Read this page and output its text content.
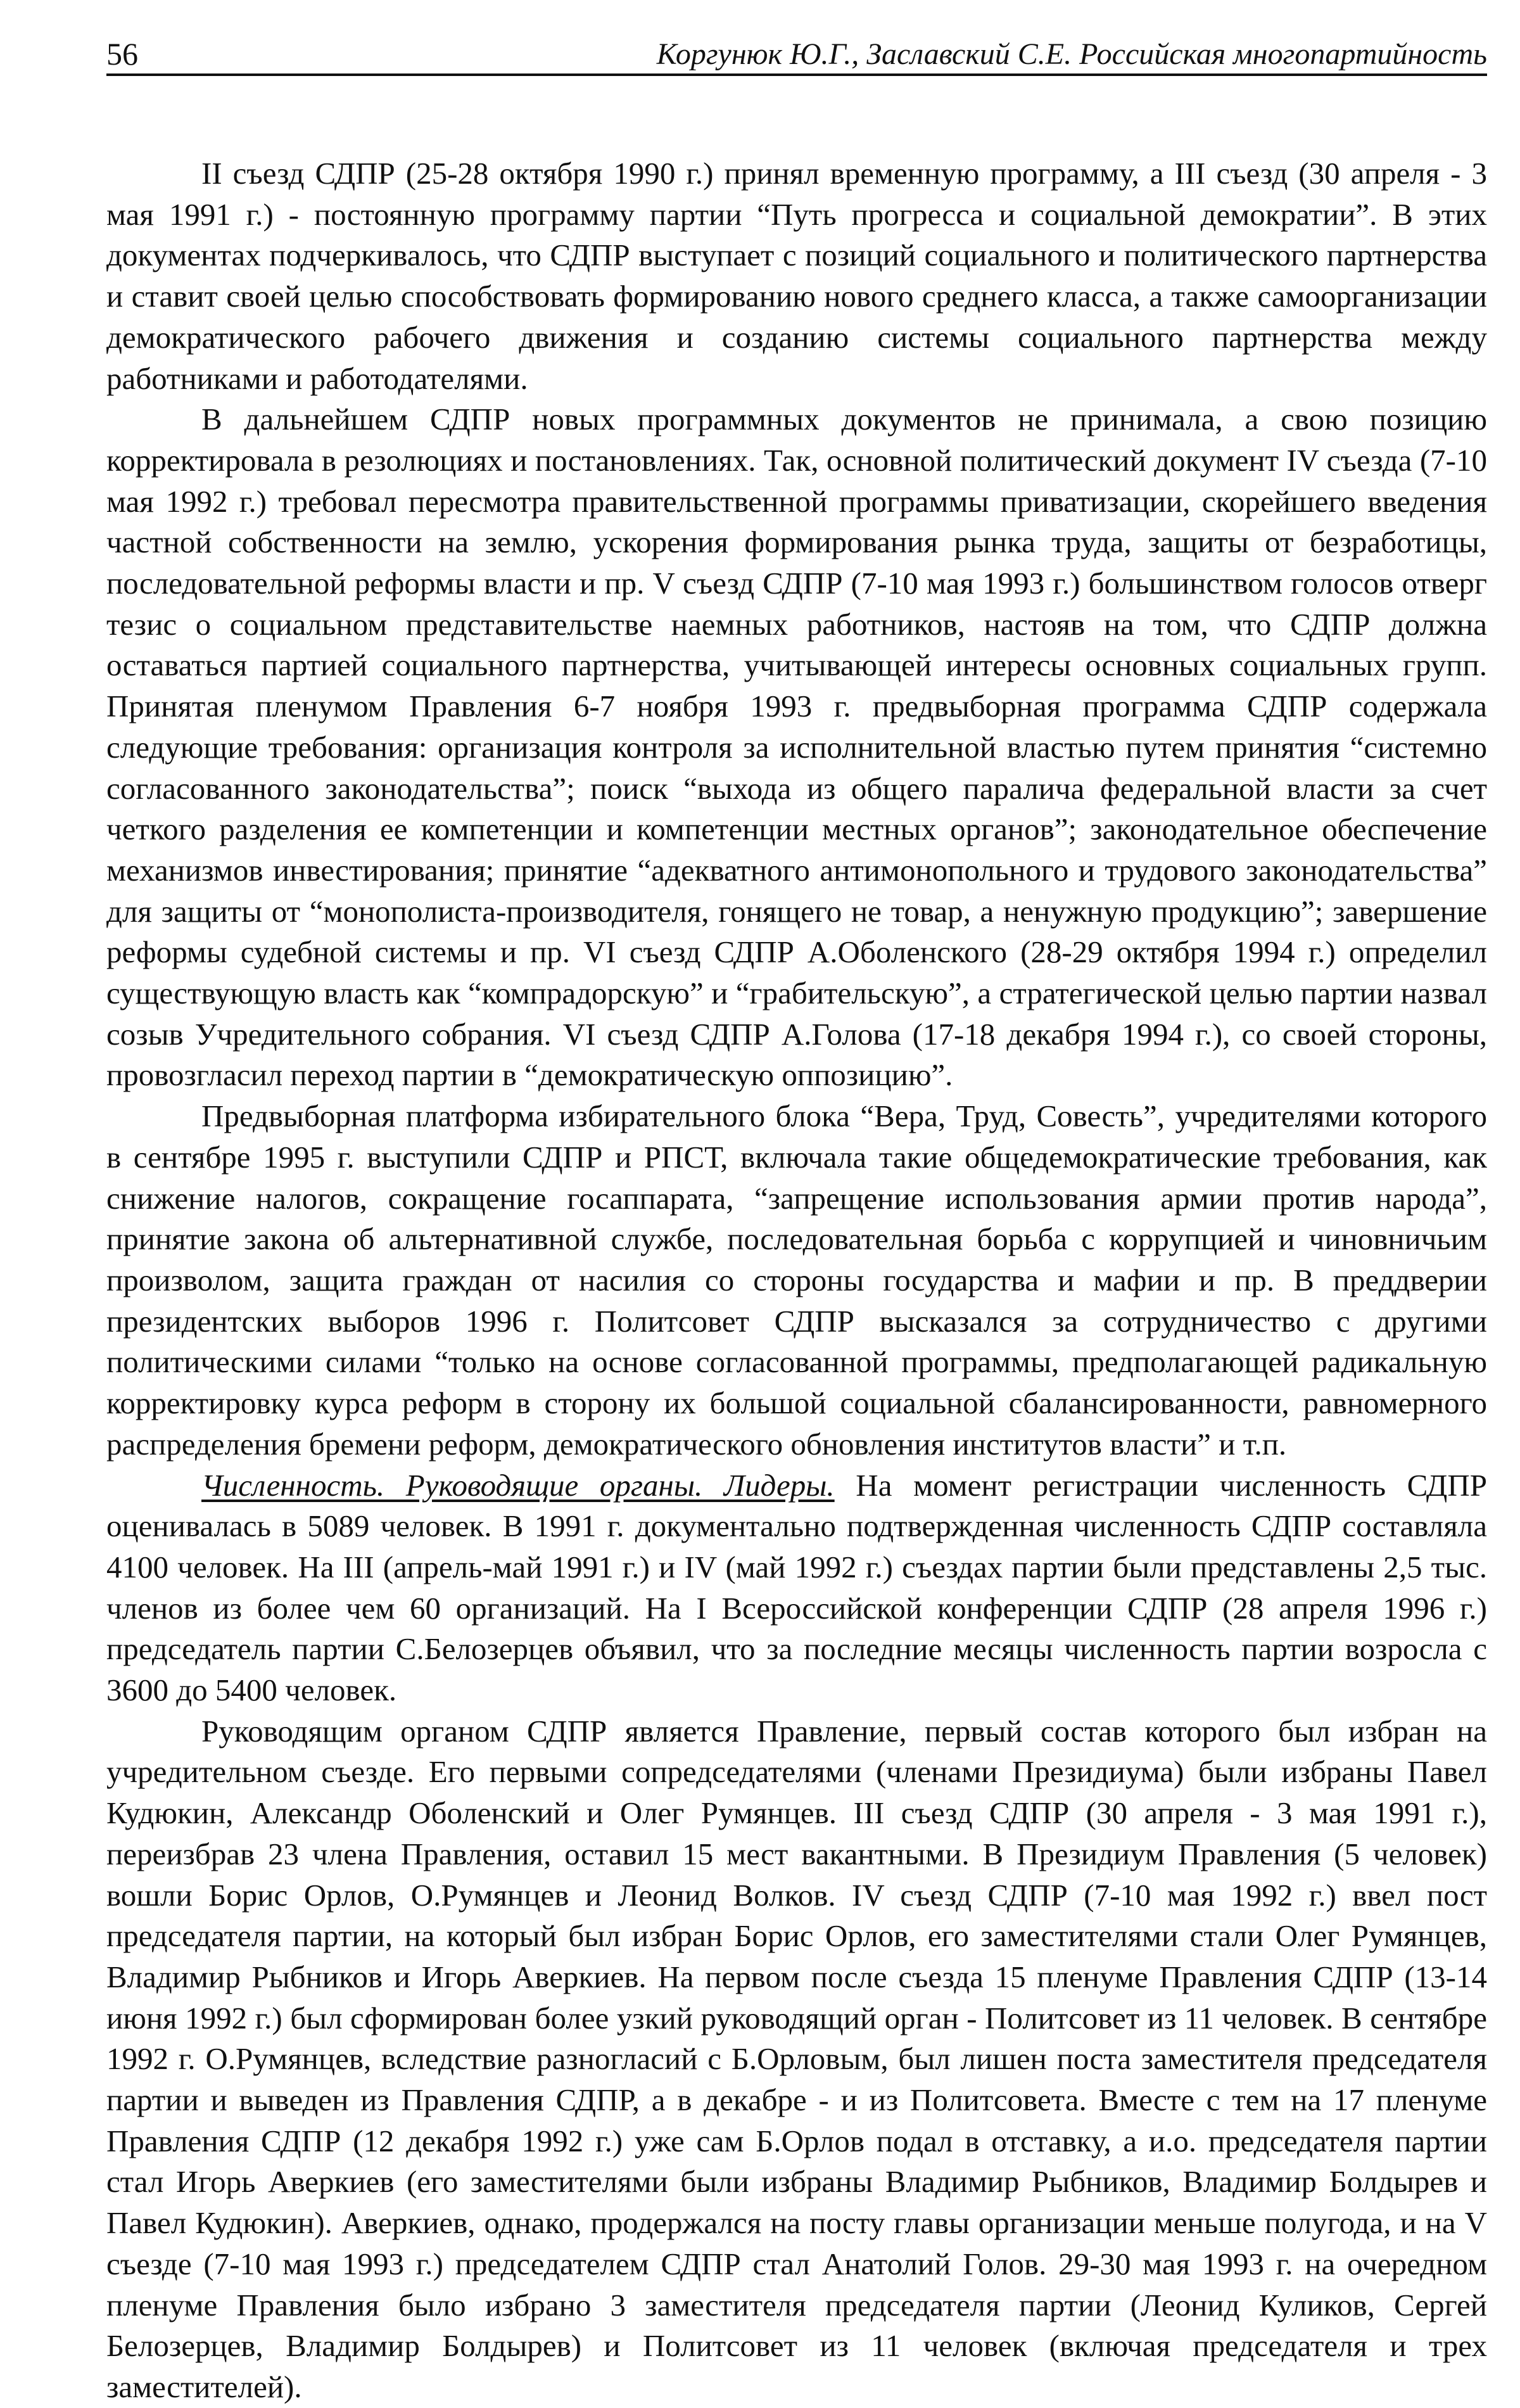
56	Коргунюк Ю.Г., Заславский С.Е. Российская многопартийность

II съезд СДПР (25-28 октября 1990 г.) принял временную программу, а III съезд (30 апреля - 3 мая 1991 г.) - постоянную программу партии “Путь прогресса и социальной демократии”. В этих документах подчеркивалось, что СДПР выступает с позиций социального и политического партнерства и ставит своей целью способствовать формированию нового среднего класса, а также самоорганизации демократического рабочего движения и созданию системы социального партнерства между работниками и работодателями.

В дальнейшем СДПР новых программных документов не принимала, а свою позицию корректировала в резолюциях и постановлениях. Так, основной политический документ IV съезда (7-10 мая 1992 г.) требовал пересмотра правительственной программы приватизации, скорейшего введения частной собственности на землю, ускорения формирования рынка труда, защиты от безработицы, последовательной реформы власти и пр. V съезд СДПР (7-10 мая 1993 г.) большинством голосов отверг тезис о социальном представительстве наемных работников, настояв на том, что СДПР должна оставаться партией социального партнерства, учитывающей интересы основных социальных групп. Принятая пленумом Правления 6-7 ноября 1993 г. предвыборная программа СДПР содержала следующие требования: организация контроля за исполнительной властью путем принятия “системно согласованного законодательства”; поиск “выхода из общего паралича федеральной власти за счет четкого разделения ее компетенции и компетенции местных органов”; законодательное обеспечение механизмов инвестирования; принятие “адекватного антимонопольного и трудового законодательства” для защиты от “монополиста-производителя, гонящего не товар, а ненужную продукцию”; завершение реформы судебной системы и пр. VI съезд СДПР А.Оболенского (28-29 октября 1994 г.) определил существующую власть как “компрадорскую” и “грабительскую”, а стратегической целью партии назвал созыв Учредительного собрания. VI съезд СДПР А.Голова (17-18 декабря 1994 г.), со своей стороны, провозгласил переход партии в “демократическую оппозицию”.

Предвыборная платформа избирательного блока “Вера, Труд, Совесть”, учредителями которого в сентябре 1995 г. выступили СДПР и РПСТ, включала такие общедемократические требования, как снижение налогов, сокращение госаппарата, “запрещение использования армии против народа”, принятие закона об альтернативной службе, последовательная борьба с коррупцией и чиновничьим произволом, защита граждан от насилия со стороны государства и мафии и пр. В преддверии президентских выборов 1996 г. Политсовет СДПР высказался за сотрудничество с другими политическими силами “только на основе согласованной программы, предполагающей радикальную корректировку курса реформ в сторону их большой социальной сбалансированности, равномерного распределения бремени реформ, демократического обновления институтов власти” и т.п.

Численность. Руководящие органы. Лидеры. На момент регистрации численность СДПР оценивалась в 5089 человек. В 1991 г. документально подтвержденная численность СДПР составляла 4100 человек. На III (апрель-май 1991 г.) и IV (май 1992 г.) съездах партии были представлены 2,5 тыс. членов из более чем 60 организаций. На I Всероссийской конференции СДПР (28 апреля 1996 г.) председатель партии С.Белозерцев объявил, что за последние месяцы численность партии возросла с 3600 до 5400 человек.

Руководящим органом СДПР является Правление, первый состав которого был избран на учредительном съезде. Его первыми сопредседателями (членами Президиума) были избраны Павел Кудюкин, Александр Оболенский и Олег Румянцев. III съезд СДПР (30 апреля - 3 мая 1991 г.), переизбрав 23 члена Правления, оставил 15 мест вакантными. В Президиум Правления (5 человек) вошли Борис Орлов, О.Румянцев и Леонид Волков. IV съезд СДПР (7-10 мая 1992 г.) ввел пост председателя партии, на который был избран Борис Орлов, его заместителями стали Олег Румянцев, Владимир Рыбников и Игорь Аверкиев. На первом после съезда 15 пленуме Правления СДПР (13-14 июня 1992 г.) был сформирован более узкий руководящий орган - Политсовет из 11 человек. В сентябре 1992 г. О.Румянцев, вследствие разногласий с Б.Орловым, был лишен поста заместителя председателя партии и выведен из Правления СДПР, а в декабре - и из Политсовета. Вместе с тем на 17 пленуме Правления СДПР (12 декабря 1992 г.) уже сам Б.Орлов подал в отставку, а и.о. председателя партии стал Игорь Аверкиев (его заместителями были избраны Владимир Рыбников, Владимир Болдырев и Павел Кудюкин). Аверкиев, однако, продержался на посту главы организации меньше полугода, и на V съезде (7-10 мая 1993 г.) председателем СДПР стал Анатолий Голов. 29-30 мая 1993 г. на очередном пленуме Правления было избрано 3 заместителя председателя партии (Леонид Куликов, Сергей Белозерцев, Владимир Болдырев) и Политсовет из 11 человек (включая председателя и трех заместителей).
